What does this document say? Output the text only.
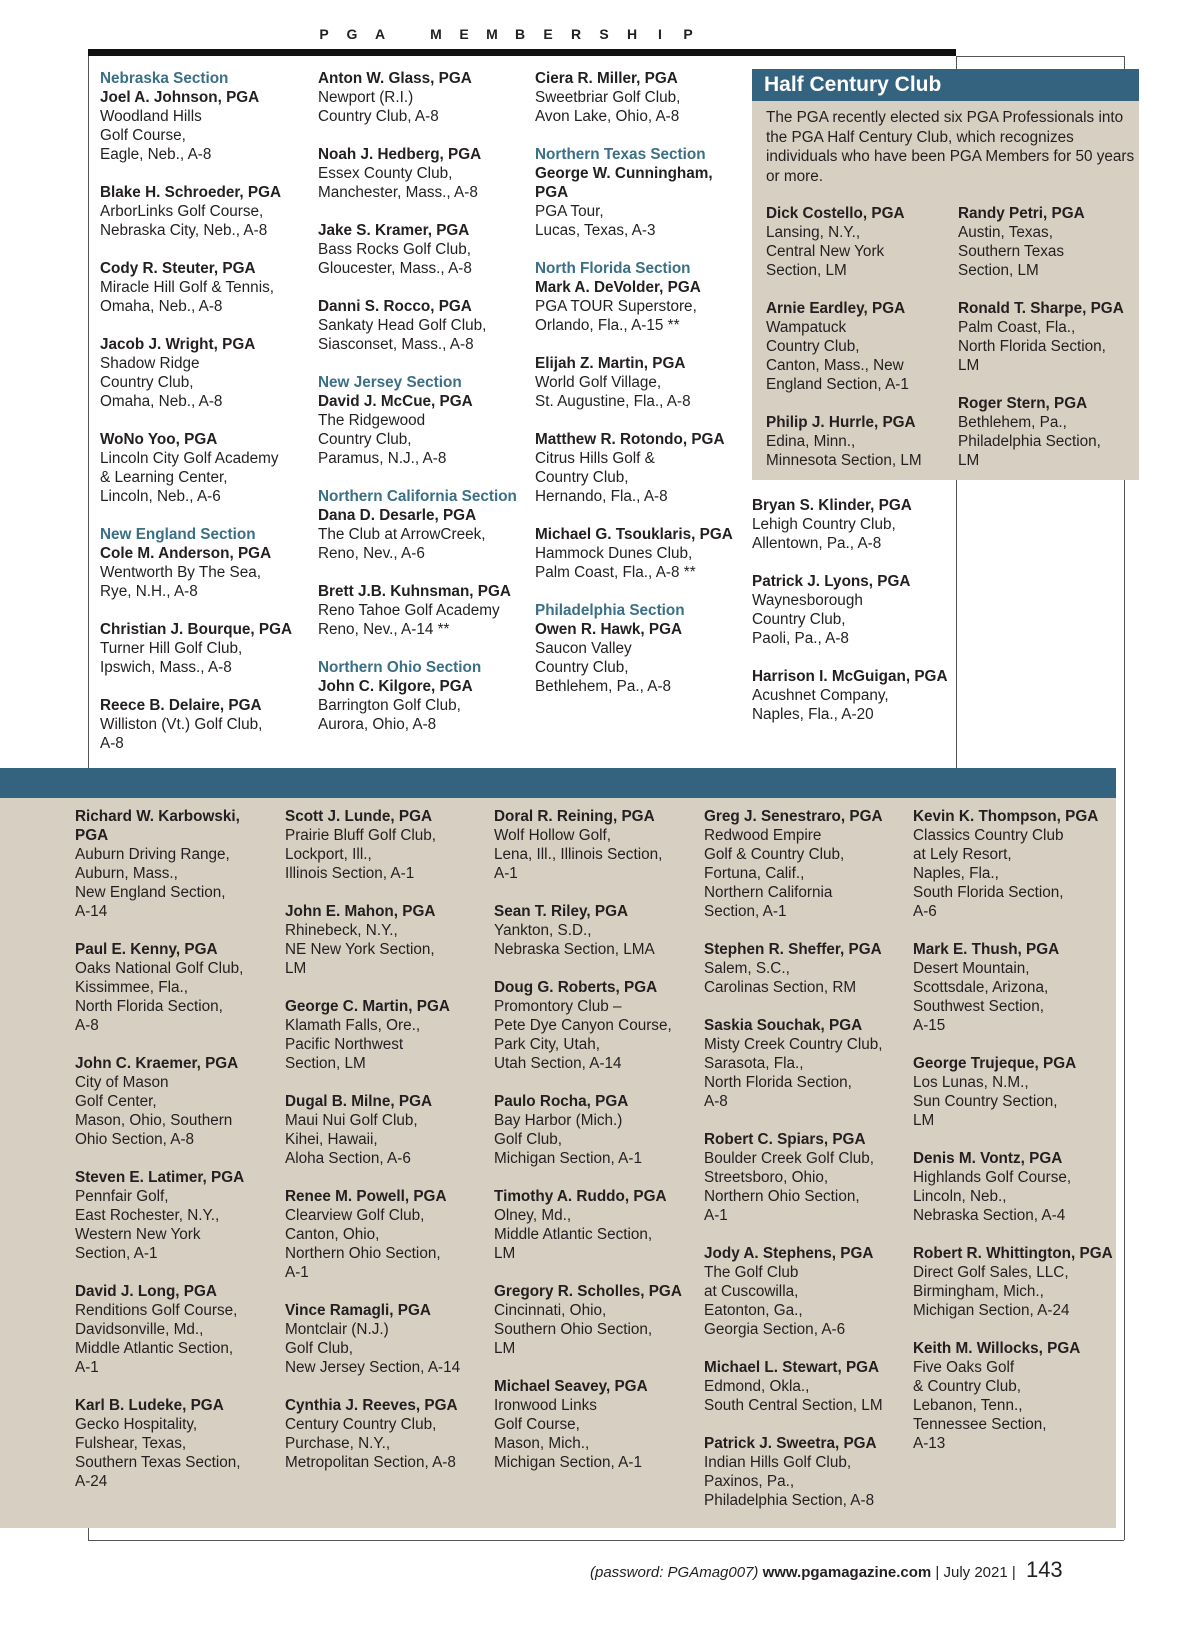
P G A	M E M B E R S H I P
Nebraska Section
Joel A. Johnson, PGA
Woodland Hills
Golf Course,
Eagle, Neb., A-8
Blake H. Schroeder, PGA
ArborLinks Golf Course,
Nebraska City, Neb., A-8
Cody R. Steuter, PGA
Miracle Hill Golf & Tennis,
Omaha, Neb., A-8
Jacob J. Wright, PGA
Shadow Ridge
Country Club,
Omaha, Neb., A-8
WoNo Yoo, PGA
Lincoln City Golf Academy
& Learning Center,
Lincoln, Neb., A-6
New England Section
Cole M. Anderson, PGA
Wentworth By The Sea,
Rye, N.H., A-8
Christian J. Bourque, PGA
Turner Hill Golf Club,
Ipswich, Mass., A-8
Reece B. Delaire, PGA
Williston (Vt.) Golf Club,
A-8
Anton W. Glass, PGA
Newport (R.I.)
Country Club, A-8
Noah J. Hedberg, PGA
Essex County Club,
Manchester, Mass., A-8
Jake S. Kramer, PGA
Bass Rocks Golf Club,
Gloucester, Mass., A-8
Danni S. Rocco, PGA
Sankaty Head Golf Club,
Siasconset, Mass., A-8
New Jersey Section
David J. McCue, PGA
The Ridgewood
Country Club,
Paramus, N.J., A-8
Northern California Section
Dana D. Desarle, PGA
The Club at ArrowCreek,
Reno, Nev., A-6
Brett J.B. Kuhnsman, PGA
Reno Tahoe Golf Academy
Reno, Nev., A-14 **
Northern Ohio Section
John C. Kilgore, PGA
Barrington Golf Club,
Aurora, Ohio, A-8
Ciera R. Miller, PGA
Sweetbriar Golf Club,
Avon Lake, Ohio, A-8
Northern Texas Section
George W. Cunningham, PGA
PGA Tour,
Lucas, Texas, A-3
North Florida Section
Mark A. DeVolder, PGA
PGA TOUR Superstore,
Orlando, Fla., A-15 **
Elijah Z. Martin, PGA
World Golf Village,
St. Augustine, Fla., A-8
Matthew R. Rotondo, PGA
Citrus Hills Golf &
Country Club,
Hernando, Fla., A-8
Michael G. Tsouklaris, PGA
Hammock Dunes Club,
Palm Coast, Fla., A-8 **
Philadelphia Section
Owen R. Hawk, PGA
Saucon Valley
Country Club,
Bethlehem, Pa., A-8
Half Century Club
The PGA recently elected six PGA Professionals into the PGA Half Century Club, which recognizes individuals who have been PGA Members for 50 years or more.
Dick Costello, PGA
Lansing, N.Y.,
Central New York
Section, LM
Arnie Eardley, PGA
Wampatuck
Country Club,
Canton, Mass., New
England Section, A-1
Philip J. Hurrle, PGA
Edina, Minn.,
Minnesota Section, LM
Randy Petri, PGA
Austin, Texas,
Southern Texas
Section, LM
Ronald T. Sharpe, PGA
Palm Coast, Fla.,
North Florida Section,
LM
Roger Stern, PGA
Bethlehem, Pa.,
Philadelphia Section,
LM
Bryan S. Klinder, PGA
Lehigh Country Club,
Allentown, Pa., A-8
Patrick J. Lyons, PGA
Waynesborough
Country Club,
Paoli, Pa., A-8
Harrison I. McGuigan, PGA
Acushnet Company,
Naples, Fla., A-20
Richard W. Karbowski, PGA
Auburn Driving Range,
Auburn, Mass.,
New England Section,
A-14
Paul E. Kenny, PGA
Oaks National Golf Club,
Kissimmee, Fla.,
North Florida Section,
A-8
John C. Kraemer, PGA
City of Mason
Golf Center,
Mason, Ohio, Southern
Ohio Section, A-8
Steven E. Latimer, PGA
Pennfair Golf,
East Rochester, N.Y.,
Western New York
Section, A-1
David J. Long, PGA
Renditions Golf Course,
Davidsonville, Md.,
Middle Atlantic Section,
A-1
Karl B. Ludeke, PGA
Gecko Hospitality,
Fulshear, Texas,
Southern Texas Section,
A-24
Scott J. Lunde, PGA
Prairie Bluff Golf Club,
Lockport, Ill.,
Illinois Section, A-1
John E. Mahon, PGA
Rhinebeck, N.Y.,
NE New York Section,
LM
George C. Martin, PGA
Klamath Falls, Ore.,
Pacific Northwest
Section, LM
Dugal B. Milne, PGA
Maui Nui Golf Club,
Kihei, Hawaii,
Aloha Section, A-6
Renee M. Powell, PGA
Clearview Golf Club,
Canton, Ohio,
Northern Ohio Section,
A-1
Vince Ramagli, PGA
Montclair (N.J.)
Golf Club,
New Jersey Section, A-14
Cynthia J. Reeves, PGA
Century Country Club,
Purchase, N.Y.,
Metropolitan Section, A-8
Doral R. Reining, PGA
Wolf Hollow Golf,
Lena, Ill., Illinois Section,
A-1
Sean T. Riley, PGA
Yankton, S.D.,
Nebraska Section, LMA
Doug G. Roberts, PGA
Promontory Club –
Pete Dye Canyon Course,
Park City, Utah,
Utah Section, A-14
Paulo Rocha, PGA
Bay Harbor (Mich.)
Golf Club,
Michigan Section, A-1
Timothy A. Ruddo, PGA
Olney, Md.,
Middle Atlantic Section,
LM
Gregory R. Scholles, PGA
Cincinnati, Ohio,
Southern Ohio Section,
LM
Michael Seavey, PGA
Ironwood Links
Golf Course,
Mason, Mich.,
Michigan Section, A-1
Greg J. Senestraro, PGA
Redwood Empire
Golf & Country Club,
Fortuna, Calif.,
Northern California
Section, A-1
Stephen R. Sheffer, PGA
Salem, S.C.,
Carolinas Section, RM
Saskia Souchak, PGA
Misty Creek Country Club,
Sarasota, Fla.,
North Florida Section,
A-8
Robert C. Spiars, PGA
Boulder Creek Golf Club,
Streetsboro, Ohio,
Northern Ohio Section,
A-1
Jody A. Stephens, PGA
The Golf Club
at Cuscowilla,
Eatonton, Ga.,
Georgia Section, A-6
Michael L. Stewart, PGA
Edmond, Okla.,
South Central Section, LM
Patrick J. Sweetra, PGA
Indian Hills Golf Club,
Paxinos, Pa.,
Philadelphia Section, A-8
Kevin K. Thompson, PGA
Classics Country Club
at Lely Resort,
Naples, Fla.,
South Florida Section,
A-6
Mark E. Thush, PGA
Desert Mountain,
Scottsdale, Arizona,
Southwest Section,
A-15
George Trujeque, PGA
Los Lunas, N.M.,
Sun Country Section,
LM
Denis M. Vontz, PGA
Highlands Golf Course,
Lincoln, Neb.,
Nebraska Section, A-4
Robert R. Whittington, PGA
Direct Golf Sales, LLC,
Birmingham, Mich.,
Michigan Section, A-24
Keith M. Willocks, PGA
Five Oaks Golf
& Country Club,
Lebanon, Tenn.,
Tennessee Section,
A-13
(password: PGAmag007) www.pgamagazine.com | July 2021 | 143
